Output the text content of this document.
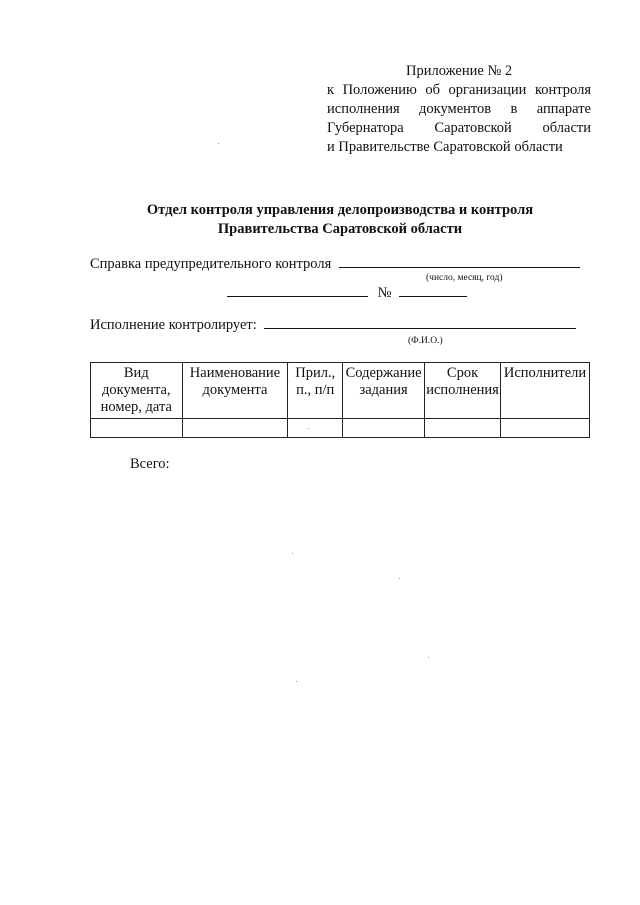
Приложение № 2
к Положению об организации контроля
исполнения документов в аппарате
Губернатора Саратовской области
и Правительстве Саратовской области
Отдел контроля управления делопроизводства и контроля
Правительства Саратовской области
Справка предупредительного контроля
(число, месяц, год)
№
Исполнение контролирует:
(Ф.И.О.)
Вид документа, номер, дата	Наименование документа	Прил., п., п/п	Содержание задания	Срок исполнения	Исполнители

Всего:
